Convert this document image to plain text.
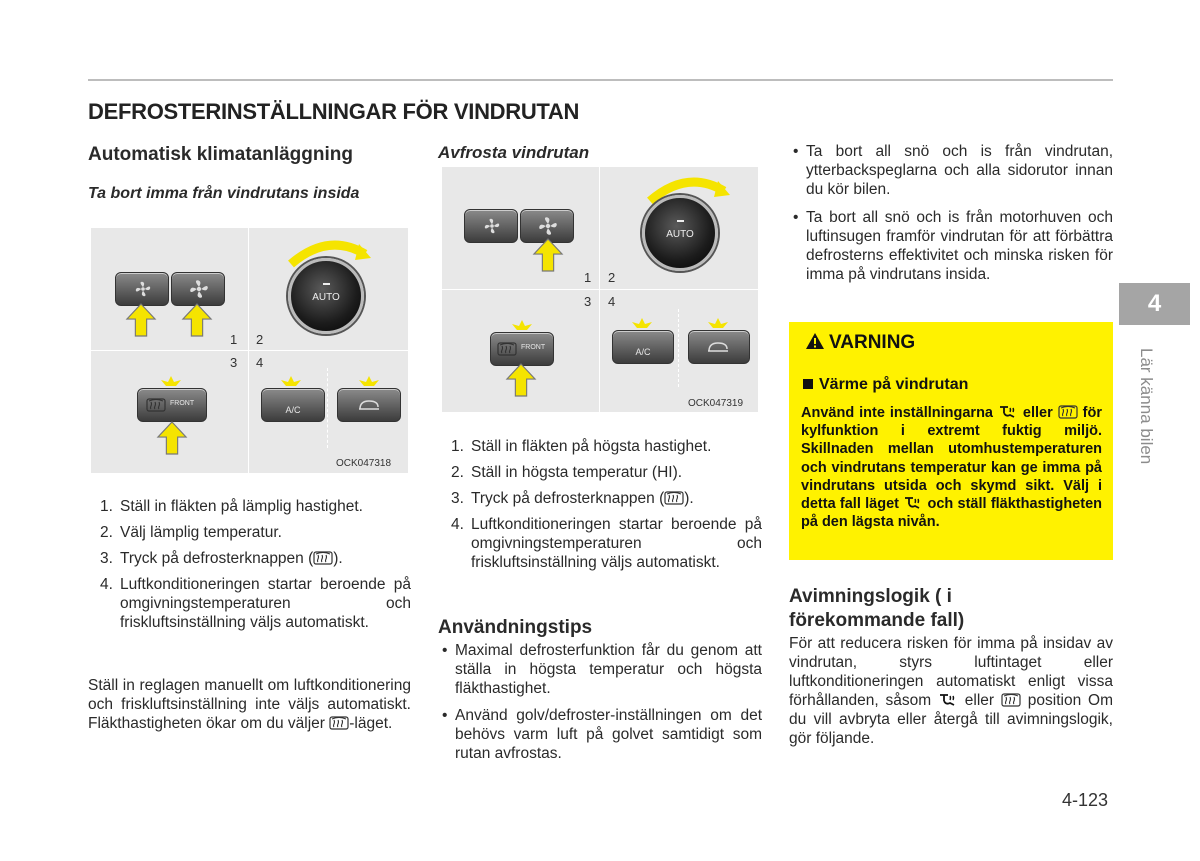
DEFROSTERINSTÄLLNINGAR FÖR VINDRUTAN
Automatisk klimatanläggning
Ta bort imma från vindrutans insida
1 2
3 4
AUTO
FRONT
A/C
OCK047318
1. Ställ in fläkten på lämplig hastighet.
2. Välj lämplig temperatur.
3. Tryck på defrosterknappen ( ).
4. Luftkonditioneringen startar beroende på omgivningstemperaturen och friskluftsinställning väljs automatiskt.
Ställ in reglagen manuellt om luftkonditionering och friskluftsinställning inte väljs automatiskt. Fläkthastigheten ökar om du väljer -läget.
Avfrosta vindrutan
1 2
3 4
AUTO
FRONT	A/C
OCK047319
1. Ställ in fläkten på högsta hastighet.
2. Ställ in högsta temperatur (HI).
3. Tryck på defrosterknappen ( ).
4. Luftkonditioneringen startar beroende på omgivningstemperaturen och friskluftsinställning väljs automatiskt.
Användningstips
• Maximal defrosterfunktion får du genom att ställa in högsta temperatur och högsta fläkthastighet.
• Använd golv/defroster-inställningen om det behövs varm luft på golvet samtidigt som rutan avfrostas.
• Ta bort all snö och is från vindrutan, ytterbackspeglarna och alla sidorutor innan du kör bilen.
• Ta bort all snö och is från motorhuven och luftinsugen framför vindrutan för att förbättra defrosterns effektivitet och minska risken för imma på vindrutans insida.
VARNING
Värme på vindrutan
Använd inte inställningarna eller för kylfunktion i extremt fuktig miljö. Skillnaden mellan utomhustemperaturen och vindrutans temperatur kan ge imma på vindrutans utsida och skymd sikt. Välj i detta fall läget och ställ fläkthastigheten på den lägsta nivån.
Avimningslogik ( i förekommande fall)
För att reducera risken för imma på insidav av vindrutan, styrs luftintaget eller luftkonditioneringen automatiskt enligt vissa förhållanden, såsom eller position Om du vill avbryta eller återgå till avimningslogik, gör följande.
4
Lär känna bilen
4-123
